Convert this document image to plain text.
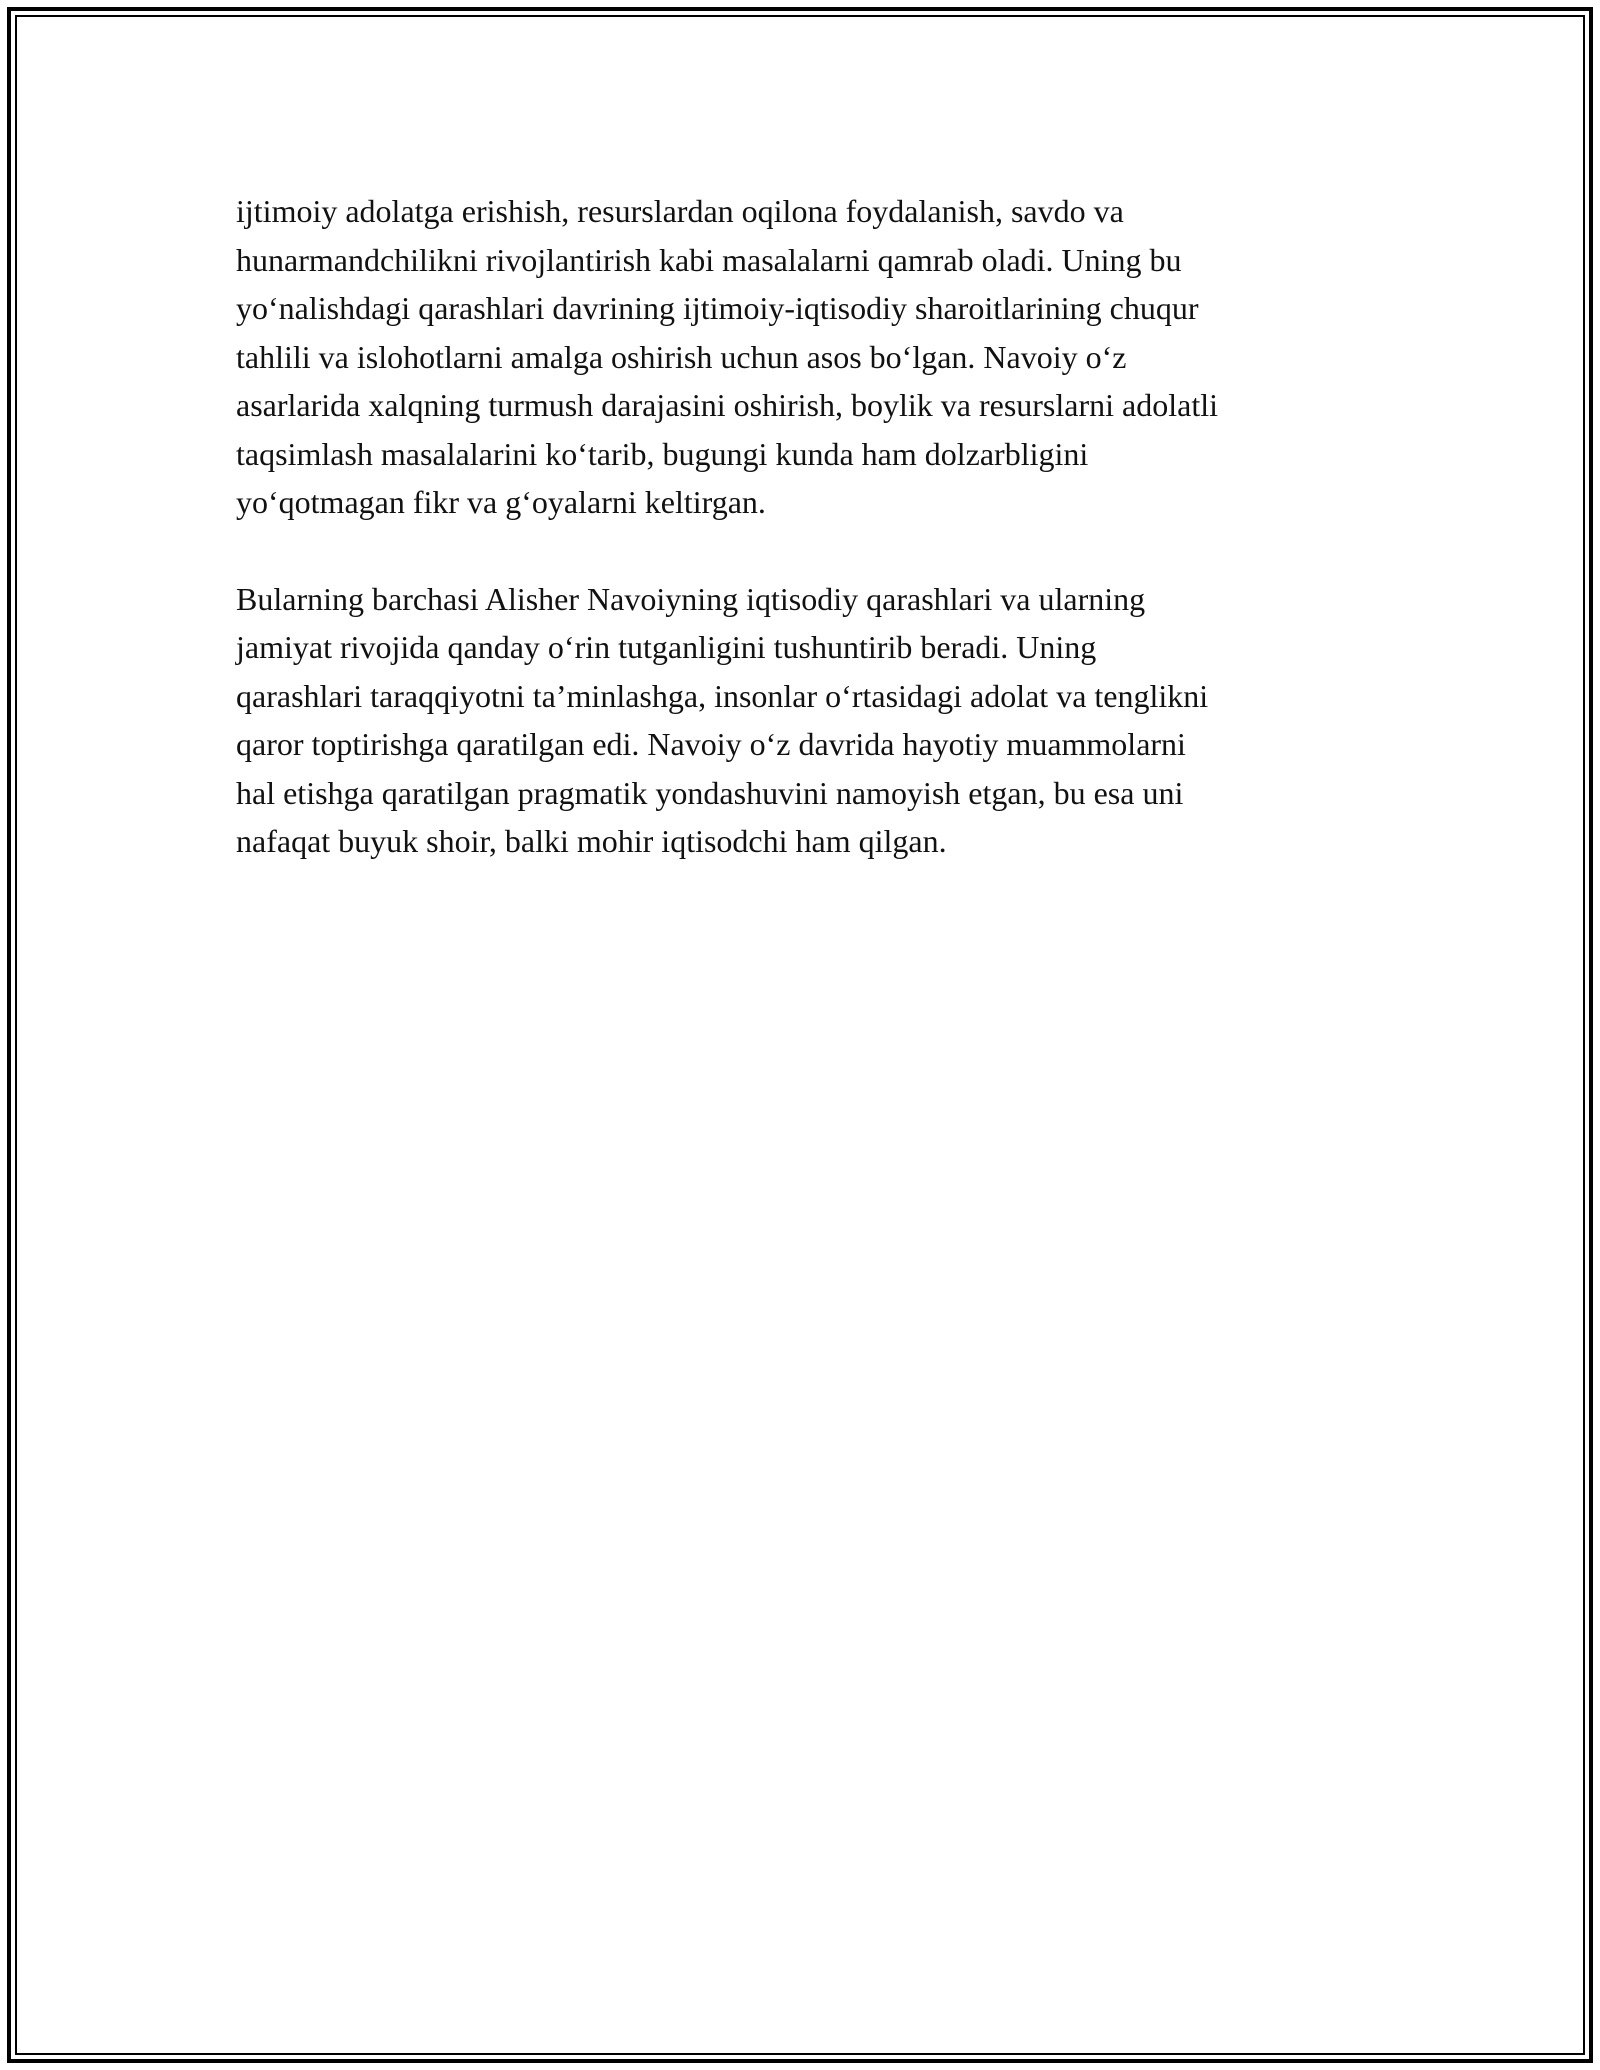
ijtimoiy adolatga erishish, resurslardan oqilona foydalanish, savdo va
hunarmandchilikni rivojlantirish kabi masalalarni qamrab oladi. Uning bu
yo‘nalishdagi qarashlari davrining ijtimoiy-iqtisodiy sharoitlarining chuqur
tahlili va islohotlarni amalga oshirish uchun asos bo‘lgan. Navoiy o‘z
asarlarida xalqning turmush darajasini oshirish, boylik va resurslarni adolatli
taqsimlash masalalarini ko‘tarib, bugungi kunda ham dolzarbligini
yo‘qotmagan fikr va g‘oyalarni keltirgan.

Bularning barchasi Alisher Navoiyning iqtisodiy qarashlari va ularning
jamiyat rivojida qanday o‘rin tutganligini tushuntirib beradi. Uning
qarashlari taraqqiyotni ta’minlashga, insonlar o‘rtasidagi adolat va tenglikni
qaror toptirishga qaratilgan edi. Navoiy o‘z davrida hayotiy muammolarni
hal etishga qaratilgan pragmatik yondashuvini namoyish etgan, bu esa uni
nafaqat buyuk shoir, balki mohir iqtisodchi ham qilgan.
